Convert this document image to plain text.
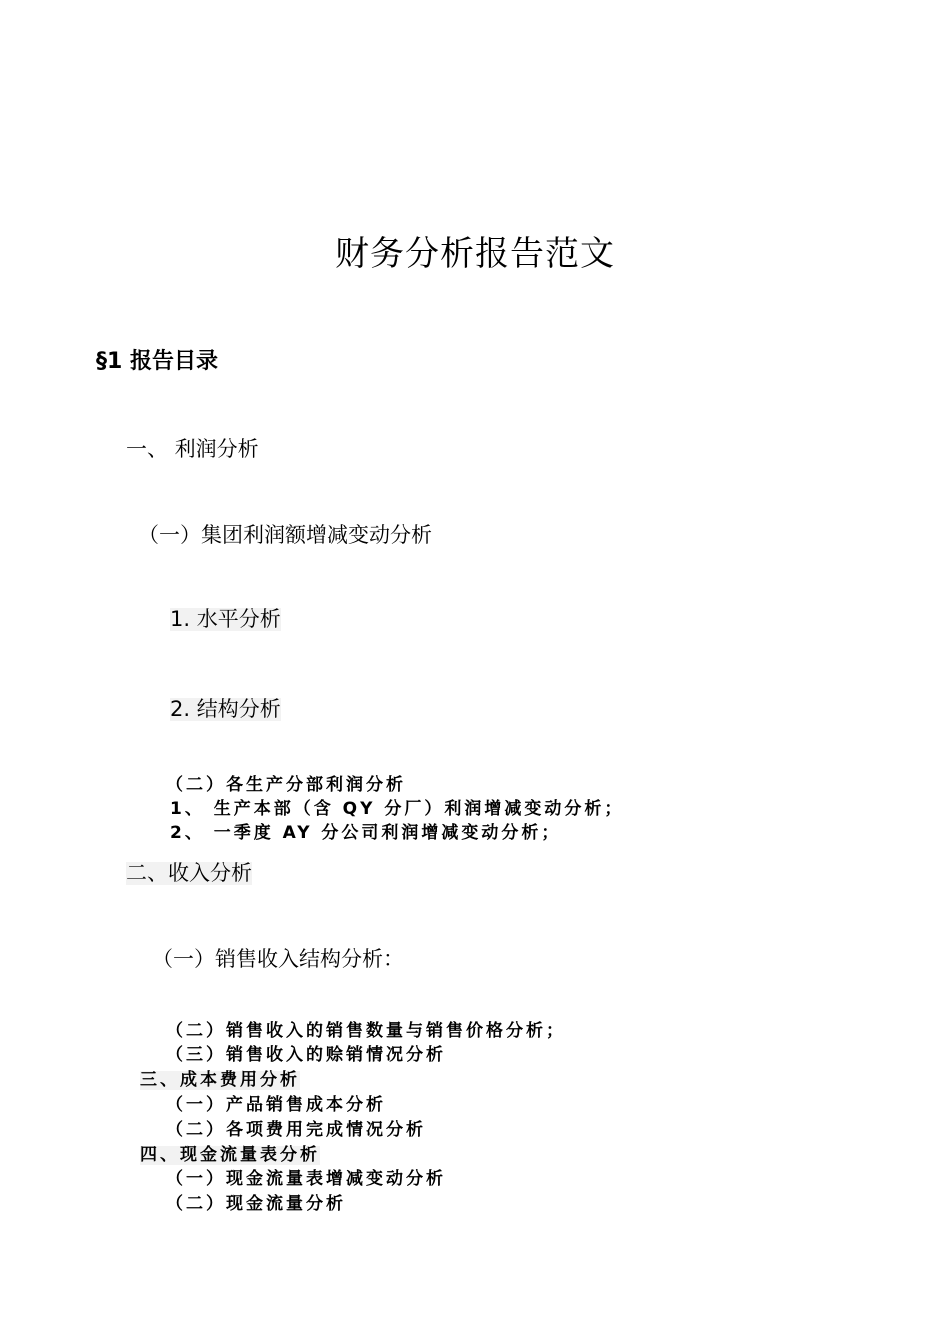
财务分析报告范文
§1 报告目录
一、 利润分析
（一）集团利润额增减变动分析
1. 水平分析
2. 结构分析
（二）各生产分部利润分析
1、 生产本部（含 QY 分厂）利润增减变动分析；
2、 一季度 AY 分公司利润增减变动分析；
二、收入分析
（一）销售收入结构分析：
（二）销售收入的销售数量与销售价格分析；
（三）销售收入的赊销情况分析
三、成本费用分析
（一）产品销售成本分析
（二）各项费用完成情况分析
四、现金流量表分析
（一）现金流量表增减变动分析
（二）现金流量分析
